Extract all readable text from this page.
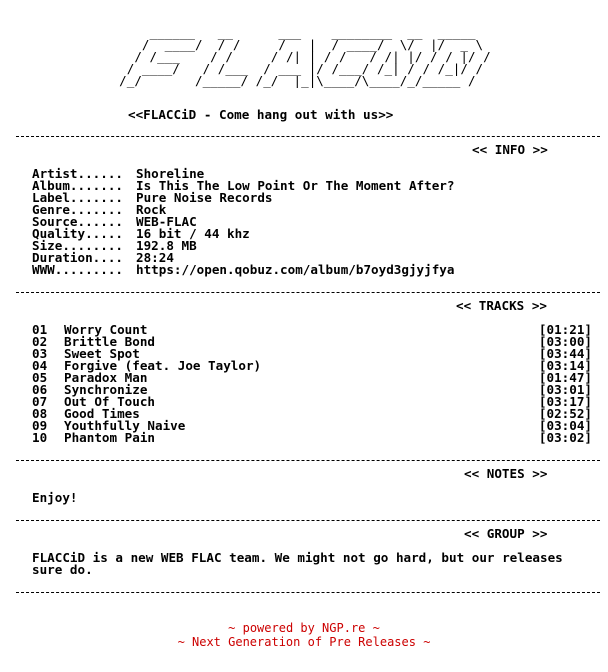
______   __      ___    ________  __  _____
/  ____/  / /     /   |  / ____/  \/  |/  _ \
/ /___    / /     / /| | / /   / /| |/ / / |/ /
/ ____/   / /___  / ___ |/ /___/ /_| / / /_|/ /
/_/       /_____/ /_/  |_|\____/\____/_/_____ /
<<FLACCiD - Come hang out with us>>
<< INFO >>
Artist...... Shoreline
Album....... Is This The Low Point Or The Moment After?
Label....... Pure Noise Records
Genre....... Rock
Source...... WEB-FLAC
Quality..... 16 bit / 44 khz
Size........ 192.8 MB
Duration.... 28:24
WWW......... https://open.qobuz.com/album/b7oyd3gjyjfya
<< TRACKS >>
01 Worry Count	[01:21]
02 Brittle Bond	[03:00]
03 Sweet Spot	[03:44]
04 Forgive (feat. Joe Taylor)	[03:14]
05 Paradox Man	[01:47]
06 Synchronize	[03:01]
07 Out Of Touch	[03:17]
08 Good Times	[02:52]
09 Youthfully Naive	[03:04]
10 Phantom Pain	[03:02]
<< NOTES >>
Enjoy!
<< GROUP >>
FLACCiD is a new WEB FLAC team. We might not go hard, but our releases sure do.
~ powered by NGP.re ~
~ Next Generation of Pre Releases ~
